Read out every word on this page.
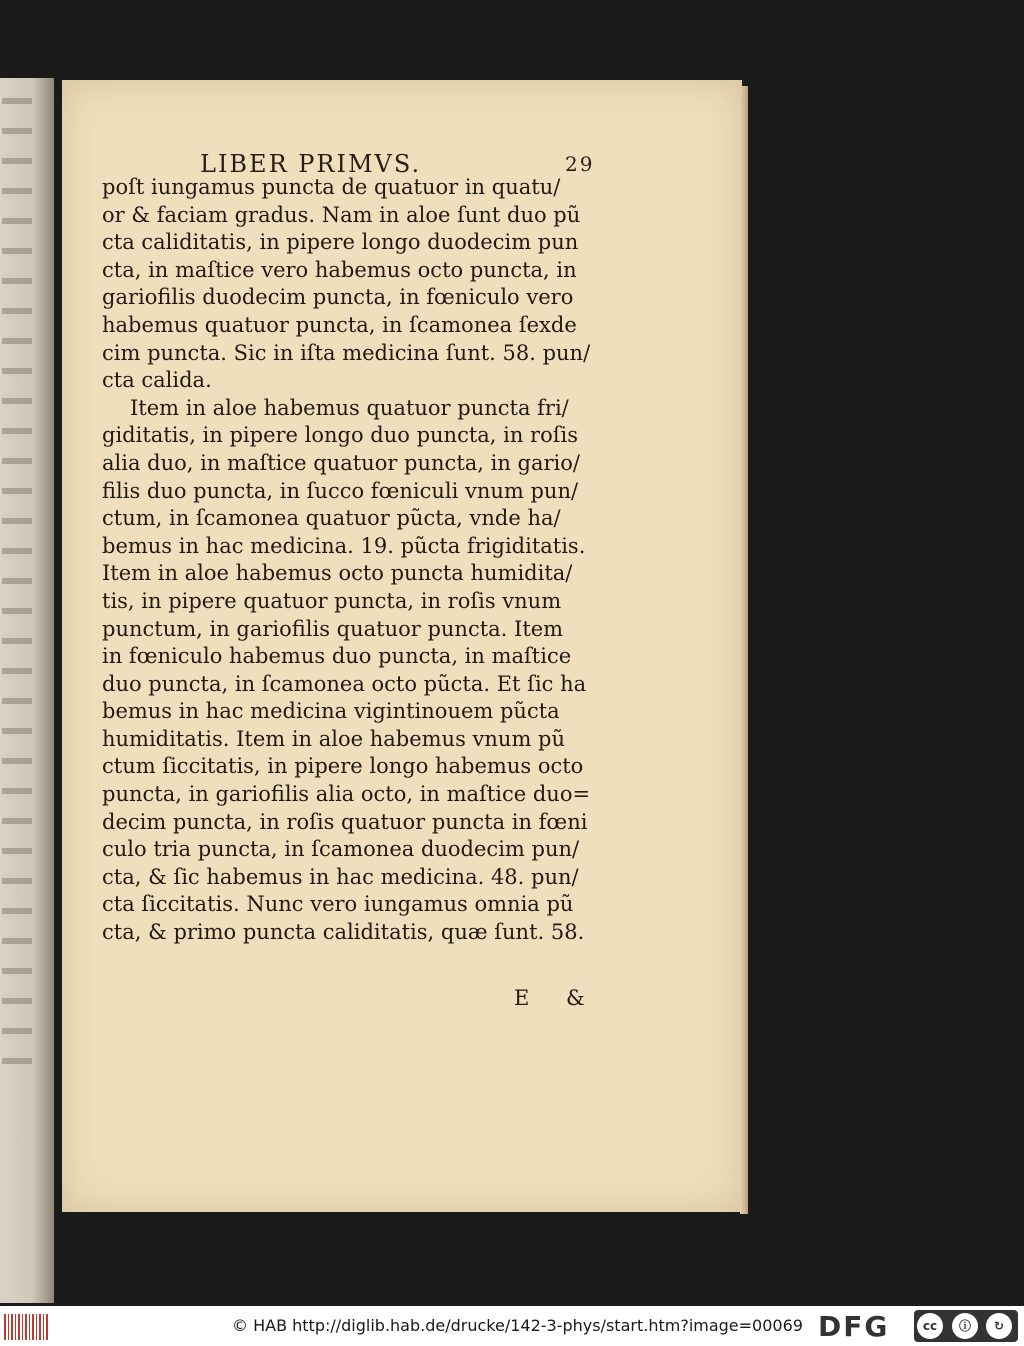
LIBER PRIMVS.	29
poſt iungamus puncta de quatuor in quatu/
or & faciam gradus. Nam in aloe ſunt duo pũ
cta caliditatis, in pipere longo duodecim pun
cta, in maſtice vero habemus octo puncta, in
gariofilis duodecim puncta, in fœniculo vero
habemus quatuor puncta, in ſcamonea ſexde
cim puncta. Sic in iſta medicina ſunt. 58. pun/
cta calida.
Item in aloe habemus quatuor puncta fri/
giditatis, in pipere longo duo puncta, in roſis
alia duo, in maſtice quatuor puncta, in gario/
filis duo puncta, in ſucco fœniculi vnum pun/
ctum, in ſcamonea quatuor pũcta, vnde ha/
bemus in hac medicina. 19. pũcta frigiditatis.
Item in aloe habemus octo puncta humidita/
tis, in pipere quatuor puncta, in roſis vnum
punctum, in gariofilis quatuor puncta. Item
in fœniculo habemus duo puncta, in maſtice
duo puncta, in ſcamonea octo pũcta. Et ſic ha
bemus in hac medicina vigintinouem pũcta
humiditatis. Item in aloe habemus vnum pũ
ctum ſiccitatis, in pipere longo habemus octo
puncta, in gariofilis alia octo, in maſtice duo=
decim puncta, in roſis quatuor puncta in fœni
culo tria puncta, in ſcamonea duodecim pun/
cta, & ſic habemus in hac medicina. 48. pun/
cta ſiccitatis. Nunc vero iungamus omnia pũ
cta, & primo puncta caliditatis, quæ ſunt. 58.
E &
© HAB http://diglib.hab.de/drucke/142-3-phys/start.htm?image=00069 DFG	cc	ⓘ	↻
